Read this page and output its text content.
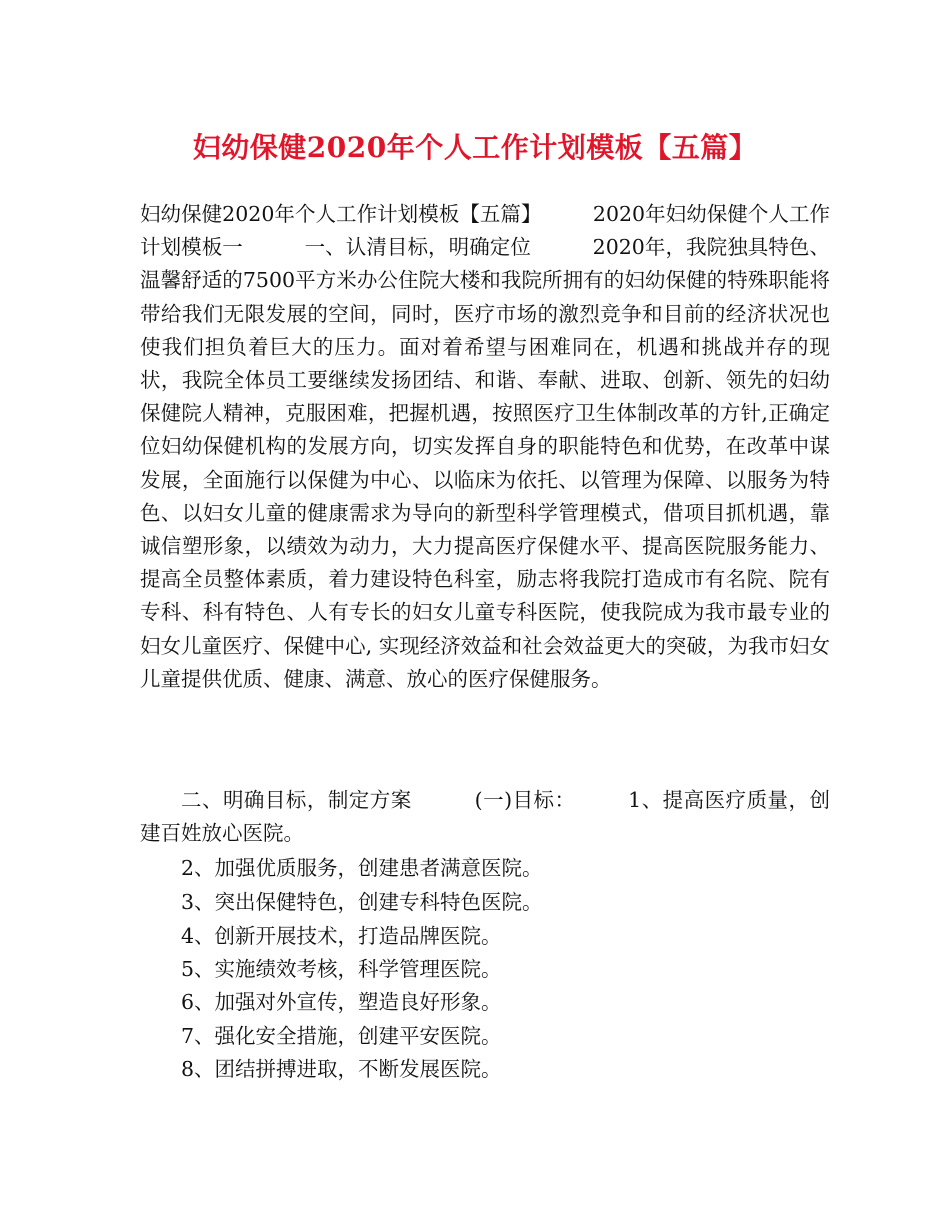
妇幼保健2020年个人工作计划模板【五篇】

妇幼保健2020年个人工作计划模板【五篇】　　　2020年妇幼保健个人工作计划模板一　　　一、认清目标，明确定位　　　2020年，我院独具特色、温馨舒适的7500平方米办公住院大楼和我院所拥有的妇幼保健的特殊职能将带给我们无限发展的空间，同时，医疗市场的激烈竞争和目前的经济状况也使我们担负着巨大的压力。面对着希望与困难同在，机遇和挑战并存的现状，我院全体员工要继续发扬团结、和谐、奉献、进取、创新、领先的妇幼保健院人精神，克服困难，把握机遇，按照医疗卫生体制改革的方针,正确定位妇幼保健机构的发展方向，切实发挥自身的职能特色和优势，在改革中谋发展，全面施行以保健为中心、以临床为依托、以管理为保障、以服务为特色、以妇女儿童的健康需求为导向的新型科学管理模式，借项目抓机遇，靠诚信塑形象，以绩效为动力，大力提高医疗保健水平、提高医院服务能力、提高全员整体素质，着力建设特色科室，励志将我院打造成市有名院、院有专科、科有特色、人有专长的妇女儿童专科医院，使我院成为我市最专业的妇女儿童医疗、保健中心, 实现经济效益和社会效益更大的突破，为我市妇女儿童提供优质、健康、满意、放心的医疗保健服务。

二、明确目标，制定方案　　　(一)目标：　　　1、提高医疗质量，创建百姓放心医院。

2、加强优质服务，创建患者满意医院。
3、突出保健特色，创建专科特色医院。
4、创新开展技术，打造品牌医院。
5、实施绩效考核，科学管理医院。
6、加强对外宣传，塑造良好形象。
7、强化安全措施，创建平安医院。
8、团结拼搏进取，不断发展医院。
